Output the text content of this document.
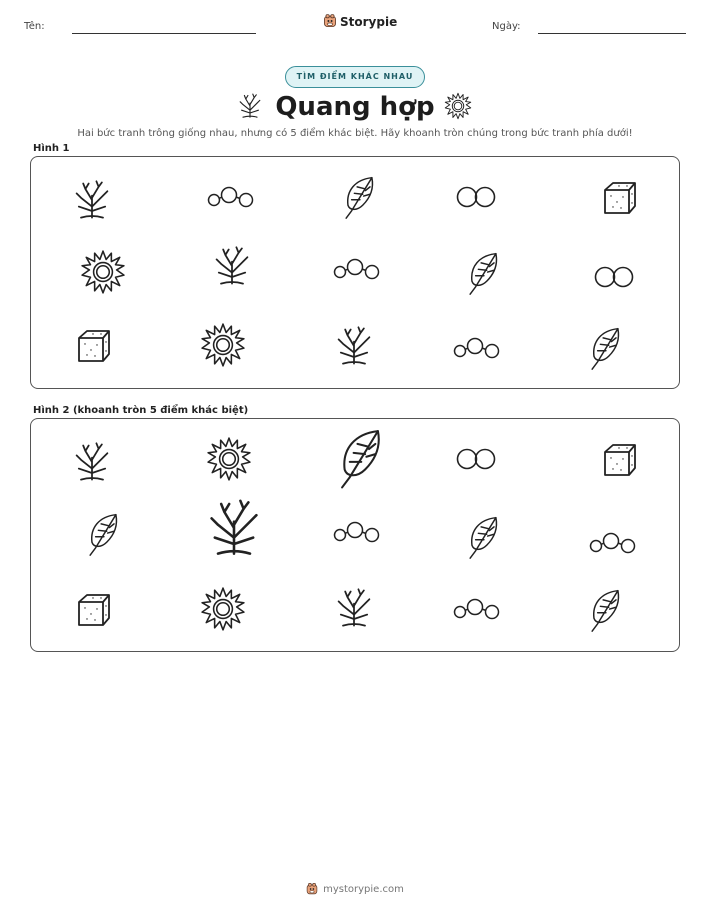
Tên:	Storypie	Ngày:
TÌM ĐIỂM KHÁC NHAU
Quang hợp
Hai bức tranh trông giống nhau, nhưng có 5 điểm khác biệt. Hãy khoanh tròn chúng trong bức tranh phía dưới!
Hình 1
Hình 2 (khoanh tròn 5 điểm khác biệt)
mystorypie.com
